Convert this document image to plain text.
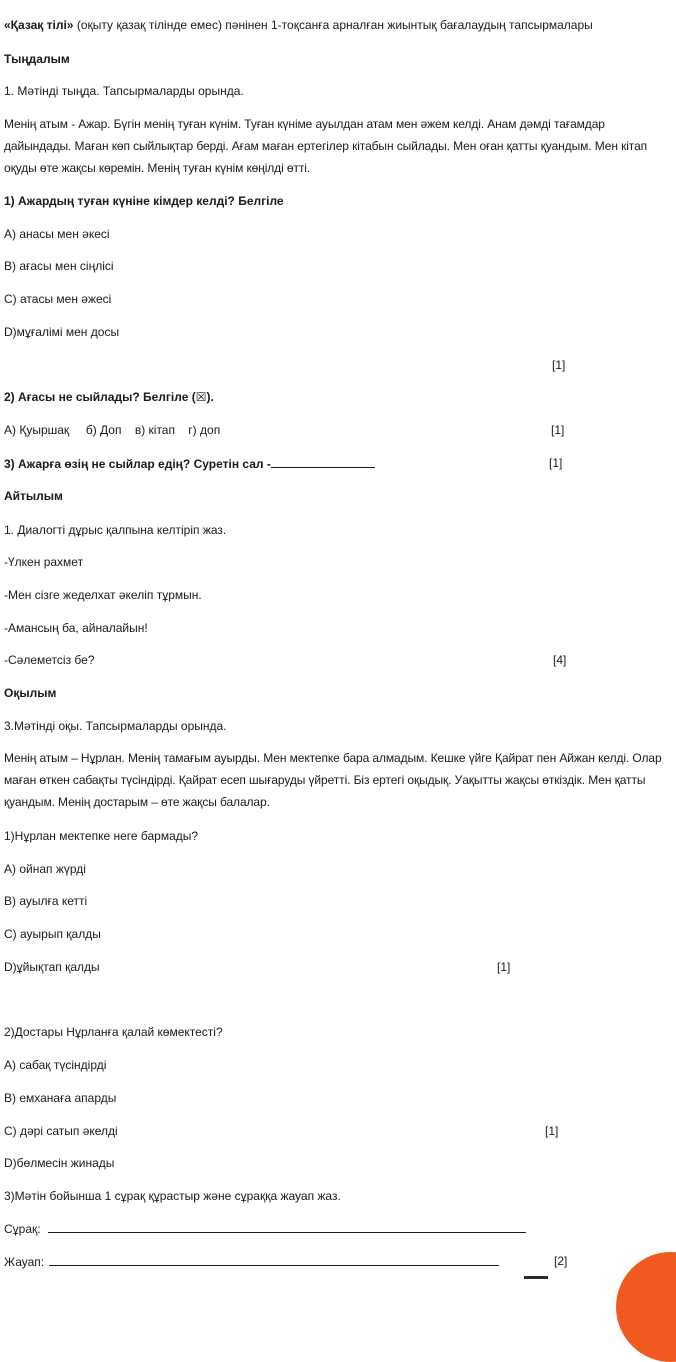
«Қазақ тілі» (оқыту қазақ тілінде емес) пәнінен 1-тоқсанға арналған жиынтық бағалаудың тапсырмалары
Тыңдалым
1. Мәтінді тыңда. Тапсырмаларды орында.
Менің атым - Ажар. Бүгін менің туған күнім. Туған күніме ауылдан атам мен әжем келді. Анам дәмді тағамдар дайындады. Маған көп сыйлықтар берді. Ағам маған ертегілер кітабын сыйлады. Мен оған қатты қуандым. Мен кітап оқуды өте жақсы көремін. Менің туған күнім көңілді өтті.
1) Ажардың туған күніне кімдер келді? Белгіле
А) анасы мен әкесі
В) ағасы мен сіңлісі
С) атасы мен әжесі
D)мұғалімі мен досы
[1]
2) Ағасы не сыйлады? Белгіле (☒).
А) Қуыршақ     б) Доп    в) кітап    г) доп	[1]
3) Ажарға өзің не сыйлар едің? Суретін сал -	[1]
Айтылым
1. Диалогті дұрыс қалпына келтіріп жаз.
-Үлкен рахмет
-Мен сізге жеделхат әкеліп тұрмын.
-Амансың ба, айналайын!
-Сәлеметсіз бе?	[4]
Оқылым
3.Мәтінді оқы. Тапсырмаларды орында.
Менің атым – Нұрлан. Менің тамағым ауырды. Мен мектепке бара алмадым. Кешке үйге Қайрат пен Айжан келді. Олар маған өткен сабақты түсіндірді. Қайрат есеп шығаруды үйретті. Біз ертегі оқыдық. Уақытты жақсы өткіздік. Мен қатты қуандым. Менің достарым – өте жақсы балалар.
1)Нұрлан мектепке неге бармады?
А) ойнап жүрді
В) ауылға кетті
С) ауырып қалды
D)ұйықтап қалды	[1]
2)Достары Нұрланға қалай көмектесті?
А) сабақ түсіндірді
В) емханаға апарды
С) дәрі сатып әкелді	[1]
D)бөлмесін жинады
3)Мәтін бойынша 1 сұрақ құрастыр және сұраққа жауап жаз.
Сұрақ:
Жауап:	[2]
